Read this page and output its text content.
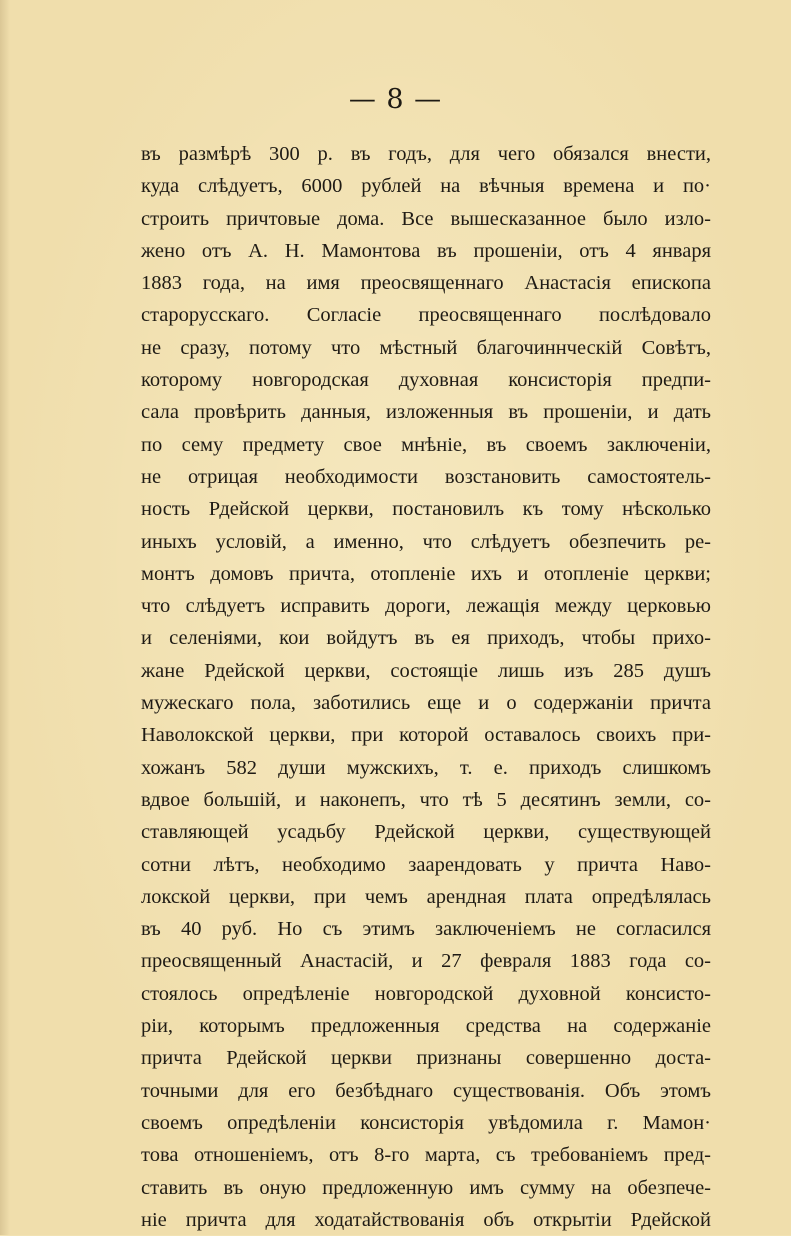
— 8 —
въ размѣрѣ 300 р. въ годъ, для чего обязался внести,
куда слѣдуетъ, 6000 рублей на вѣчныя времена и по·
строить причтовые дома. Все вышесказанное было изло-
жено отъ А. Н. Мамонтова въ прошеніи, отъ 4 января
1883 года, на имя преосвященнаго Анастасія епископа
старорусскаго. Согласіе преосвященнаго послѣдовало
не сразу, потому что мѣстный благочиннческій Совѣтъ,
которому новгородская духовная консисторія предпи-
сала провѣрить данныя, изложенныя въ прошеніи, и дать
по сему предмету свое мнѣніе, въ своемъ заключеніи,
не отрицая необходимости возстановить самостоятель-
ность Рдейской церкви, постановилъ къ тому нѣсколько
иныхъ условій, а именно, что слѣдуетъ обезпечить ре-
монтъ домовъ причта, отопленіе ихъ и отопленіе церкви;
что слѣдуетъ исправить дороги, лежащія между церковью
и селеніями, кои войдутъ въ ея приходъ, чтобы прихо-
жане Рдейской церкви, состоящіе лишь изъ 285 душъ
мужескаго пола, заботились еще и о содержаніи причта
Наволокской церкви, при которой оставалось своихъ при-
хожанъ 582 души мужскихъ, т. е. приходъ слишкомъ
вдвое большій, и наконепъ, что тѣ 5 десятинъ земли, со-
ставляющей усадьбу Рдейской церкви, существующей
сотни лѣтъ, необходимо заарендовать у причта Наво-
локской церкви, при чемъ арендная плата опредѣлялась
въ 40 руб. Но съ этимъ заключеніемъ не согласился
преосвященный Анастасій, и 27 февраля 1883 года со-
стоялось опредѣленіе новгородской духовной консисто-
ріи, которымъ предложенныя средства на содержаніе
причта Рдейской церкви признаны совершенно доста-
точными для его безбѣднаго существованія. Объ этомъ
своемъ опредѣленіи консисторія увѣдомила г. Мамон·
това отношеніемъ, отъ 8-го марта, съ требованіемъ пред-
ставить въ оную предложенную имъ сумму на обезпече-
ніе причта для ходатайствованія объ открытіи Рдейской
